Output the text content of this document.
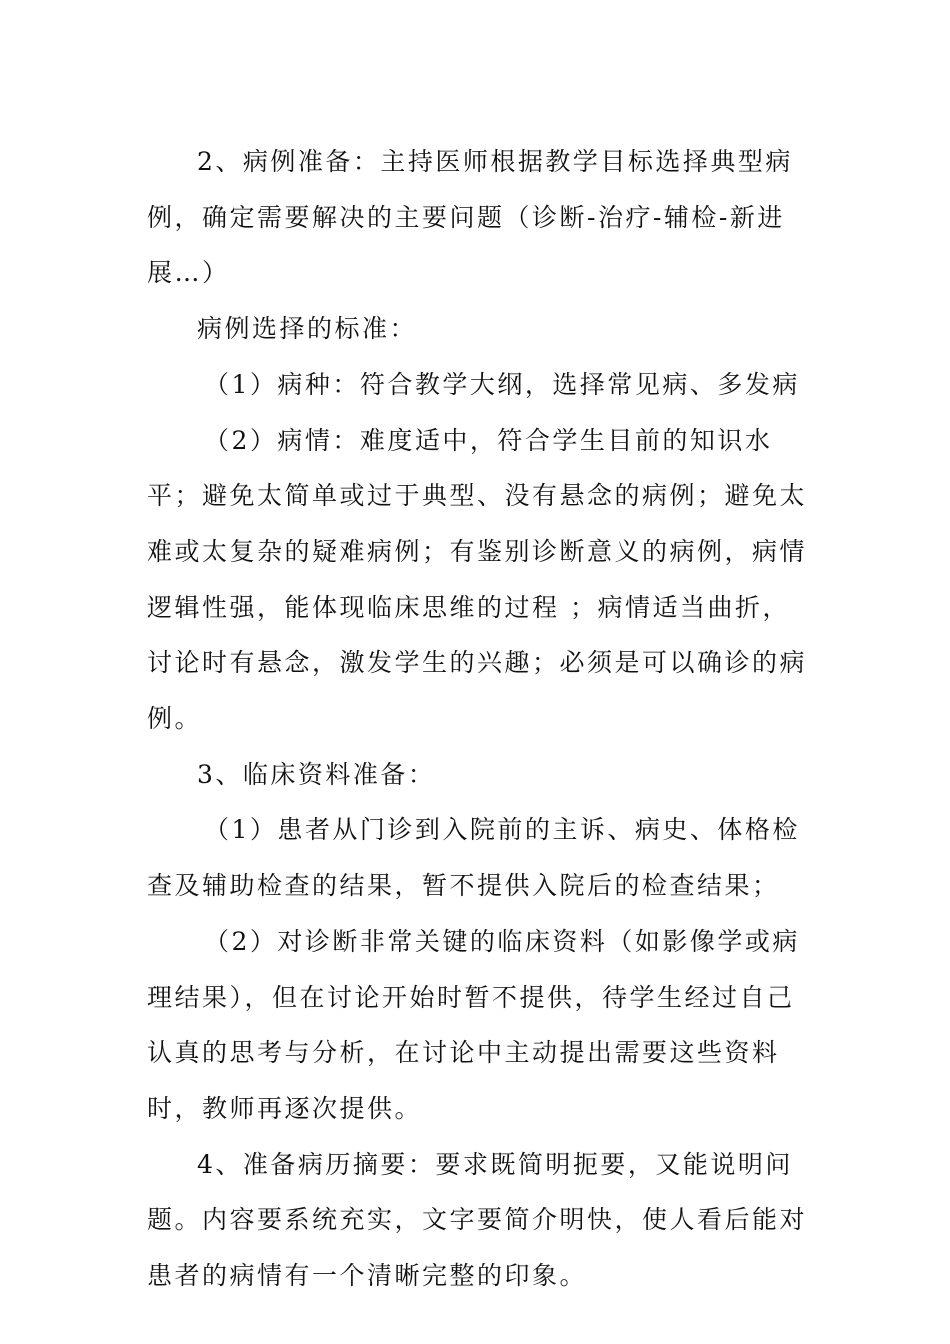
2、病例准备：主持医师根据教学目标选择典型病例，确定需要解决的主要问题（诊断-治疗-辅检-新进展…）

病例选择的标准：

（1）病种：符合教学大纲，选择常见病、多发病

（2）病情：难度适中，符合学生目前的知识水平；避免太简单或过于典型、没有悬念的病例；避免太难或太复杂的疑难病例；有鉴别诊断意义的病例，病情逻辑性强，能体现临床思维的过程 ；病情适当曲折，讨论时有悬念，激发学生的兴趣；必须是可以确诊的病例。

3、临床资料准备：

（1）患者从门诊到入院前的主诉、病史、体格检查及辅助检查的结果，暂不提供入院后的检查结果；

（2）对诊断非常关键的临床资料（如影像学或病理结果），但在讨论开始时暂不提供，待学生经过自己认真的思考与分析，在讨论中主动提出需要这些资料时，教师再逐次提供。

4、准备病历摘要：要求既简明扼要，又能说明问题。内容要系统充实，文字要简介明快，使人看后能对患者的病情有一个清晰完整的印象。
